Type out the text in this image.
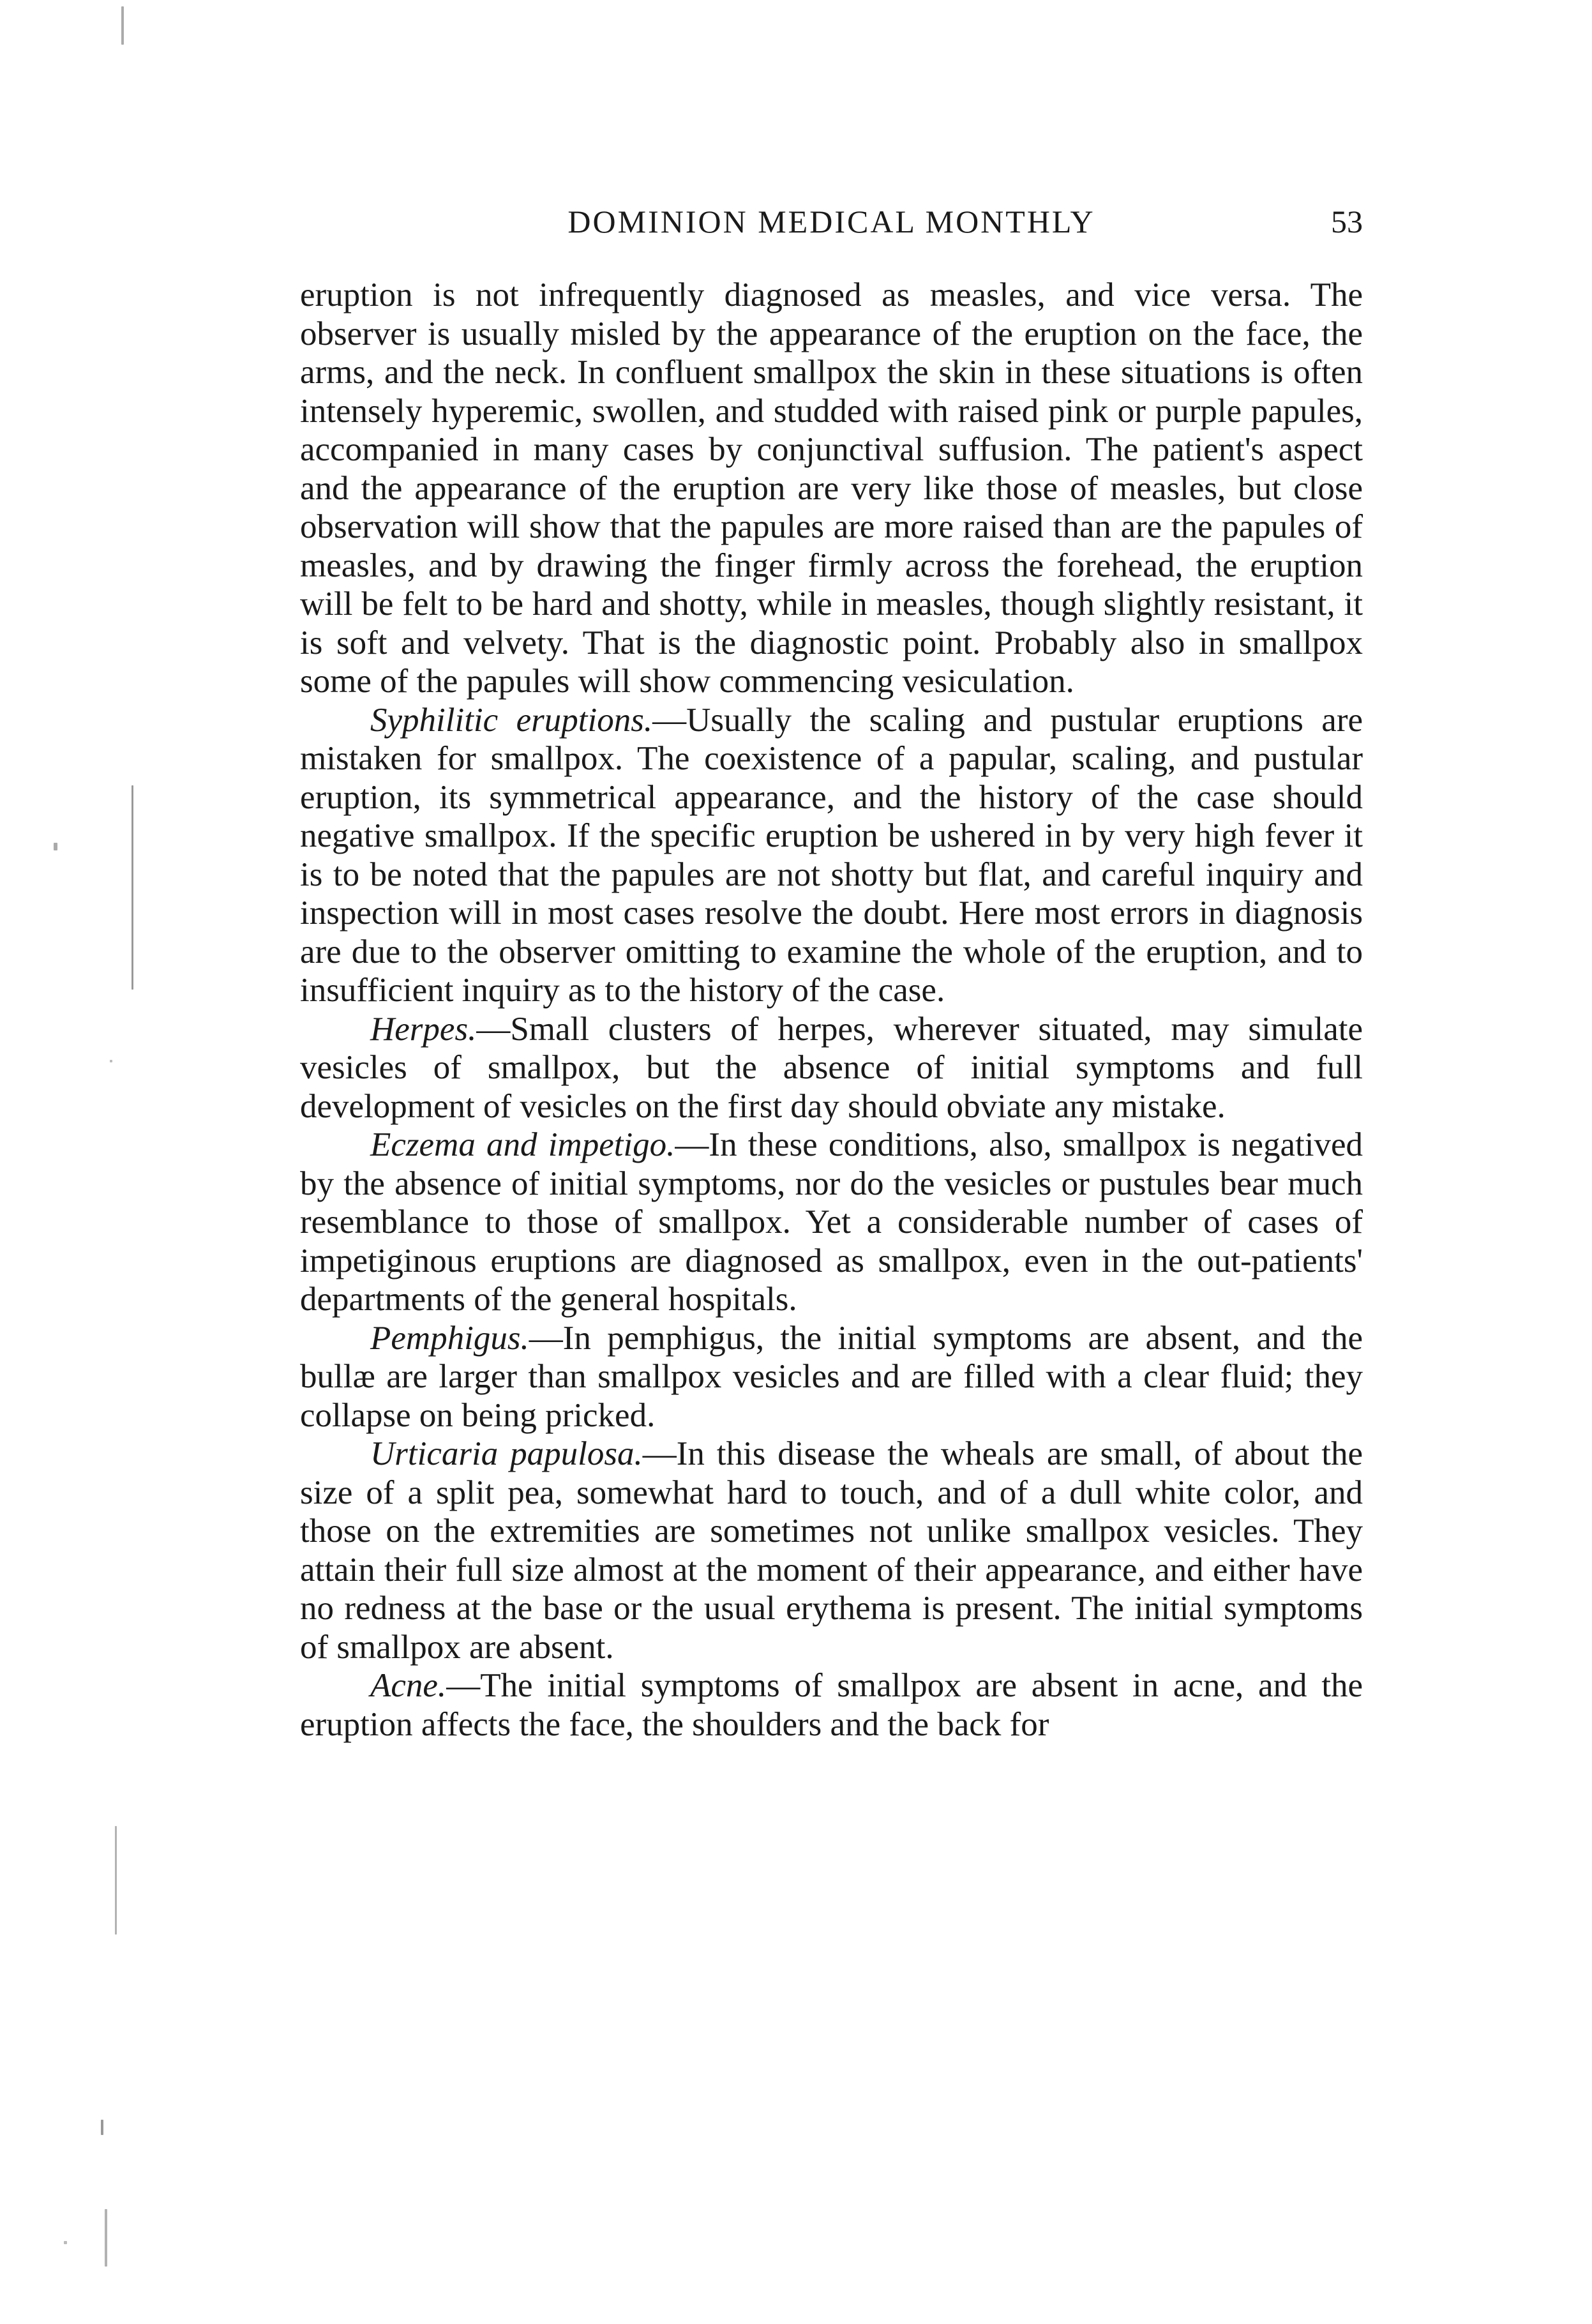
DOMINION MEDICAL MONTHLY	53

eruption is not infrequently diagnosed as measles, and vice versa. The observer is usually misled by the appearance of the eruption on the face, the arms, and the neck. In confluent smallpox the skin in these situations is often intensely hyperemic, swollen, and studded with raised pink or purple papules, accompanied in many cases by conjunctival suffusion. The patient's aspect and the appearance of the eruption are very like those of measles, but close observation will show that the papules are more raised than are the papules of measles, and by drawing the finger firmly across the forehead, the eruption will be felt to be hard and shotty, while in measles, though slightly resistant, it is soft and velvety. That is the diagnostic point. Probably also in smallpox some of the papules will show commencing vesiculation.

Syphilitic eruptions.—Usually the scaling and pustular eruptions are mistaken for smallpox. The coexistence of a papular, scaling, and pustular eruption, its symmetrical appearance, and the history of the case should negative smallpox. If the specific eruption be ushered in by very high fever it is to be noted that the papules are not shotty but flat, and careful inquiry and inspection will in most cases resolve the doubt. Here most errors in diagnosis are due to the observer omitting to examine the whole of the eruption, and to insufficient inquiry as to the history of the case.

Herpes.—Small clusters of herpes, wherever situated, may simulate vesicles of smallpox, but the absence of initial symptoms and full development of vesicles on the first day should obviate any mistake.

Eczema and impetigo.—In these conditions, also, smallpox is negatived by the absence of initial symptoms, nor do the vesicles or pustules bear much resemblance to those of smallpox. Yet a considerable number of cases of impetiginous eruptions are diagnosed as smallpox, even in the out-patients' departments of the general hospitals.

Pemphigus.—In pemphigus, the initial symptoms are absent, and the bullæ are larger than smallpox vesicles and are filled with a clear fluid; they collapse on being pricked.

Urticaria papulosa.—In this disease the wheals are small, of about the size of a split pea, somewhat hard to touch, and of a dull white color, and those on the extremities are sometimes not unlike smallpox vesicles. They attain their full size almost at the moment of their appearance, and either have no redness at the base or the usual erythema is present. The initial symptoms of smallpox are absent.

Acne.—The initial symptoms of smallpox are absent in acne, and the eruption affects the face, the shoulders and the back for
